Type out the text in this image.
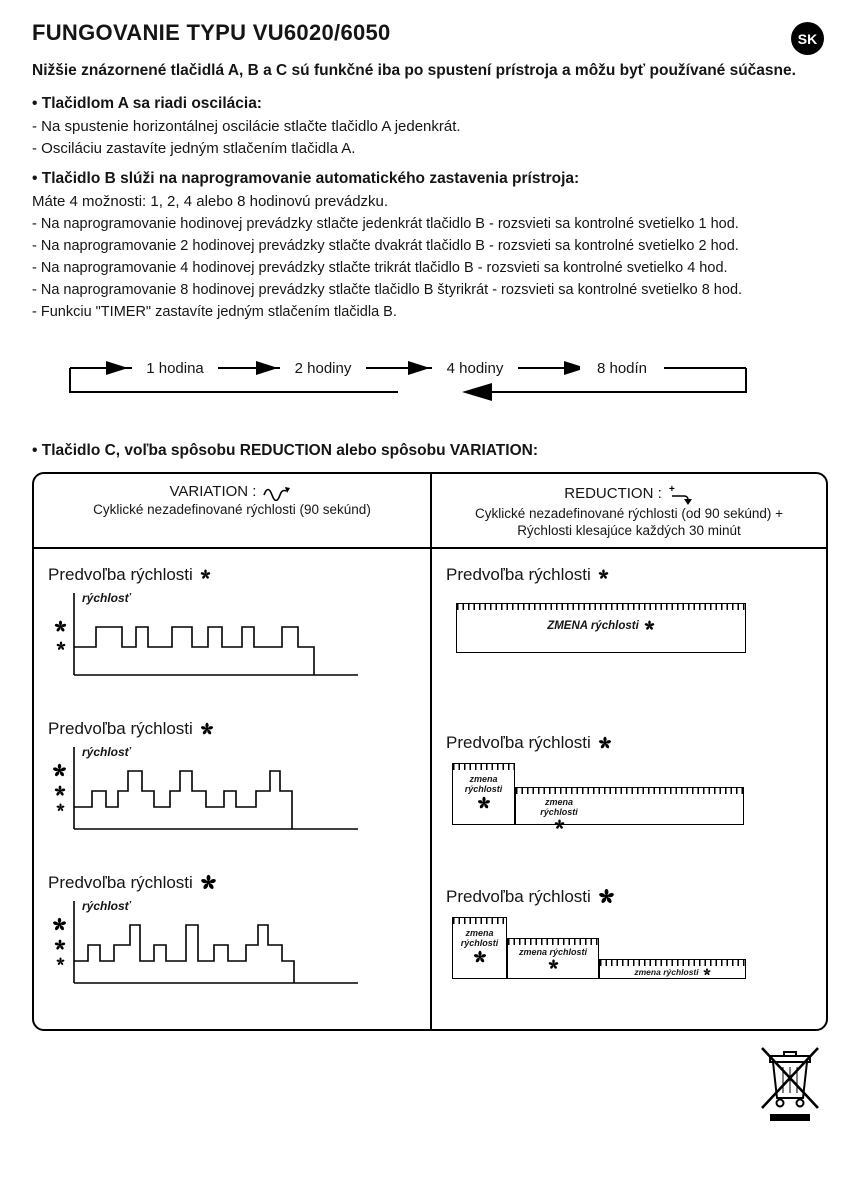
SK
FUNGOVANIE TYPU VU6020/6050

Nižšie znázornené tlačidlá A, B a C sú funkčné iba po spustení prístroja a môžu byť používané súčasne.

• Tlačidlom A sa riadi oscilácia:

- Na spustenie horizontálnej oscilácie stlačte tlačidlo A jedenkrát.

- Osciláciu zastavíte jedným stlačením tlačidla A.

• Tlačidlo B slúži na naprogramovanie automatického zastavenia prístroja:

Máte 4 možnosti: 1, 2, 4 alebo 8 hodinovú prevádzku.

- Na naprogramovanie hodinovej prevádzky stlačte jedenkrát tlačidlo B - rozsvieti sa kontrolné svetielko 1 hod.

- Na naprogramovanie 2 hodinovej prevádzky stlačte dvakrát tlačidlo B - rozsvieti sa kontrolné svetielko 2 hod.

- Na naprogramovanie 4 hodinovej prevádzky stlačte trikrát tlačidlo B - rozsvieti sa kontrolné svetielko 4 hod.

- Na naprogramovanie 8 hodinovej prevádzky stlačte tlačidlo B štyrikrát - rozsvieti sa kontrolné svetielko 8 hod.

- Funkciu "TIMER" zastavíte jedným stlačením tlačidla B.

1 hodina	2 hodiny	4 hodiny	8 hodín

• Tlačidlo C, voľba spôsobu REDUCTION alebo spôsobu VARIATION:

VARIATION :
Cyklické nezadefinované rýchlosti (90 sekúnd)
REDUCTION : +
Cyklické nezadefinované rýchlosti (od 90 sekúnd) +
Rýchlosti klesajúce každých 30 minút
Predvoľba rýchlosti
rýchlosť
Predvoľba rýchlosti
rýchlosť
Predvoľba rýchlosti
rýchlosť
Predvoľba rýchlosti
ZMENA rýchlosti
Predvoľba rýchlosti
zmena rýchlosti
zmena rýchlosti
Predvoľba rýchlosti
zmena rýchlosti
zmena rýchlosti
zmena rýchlosti
